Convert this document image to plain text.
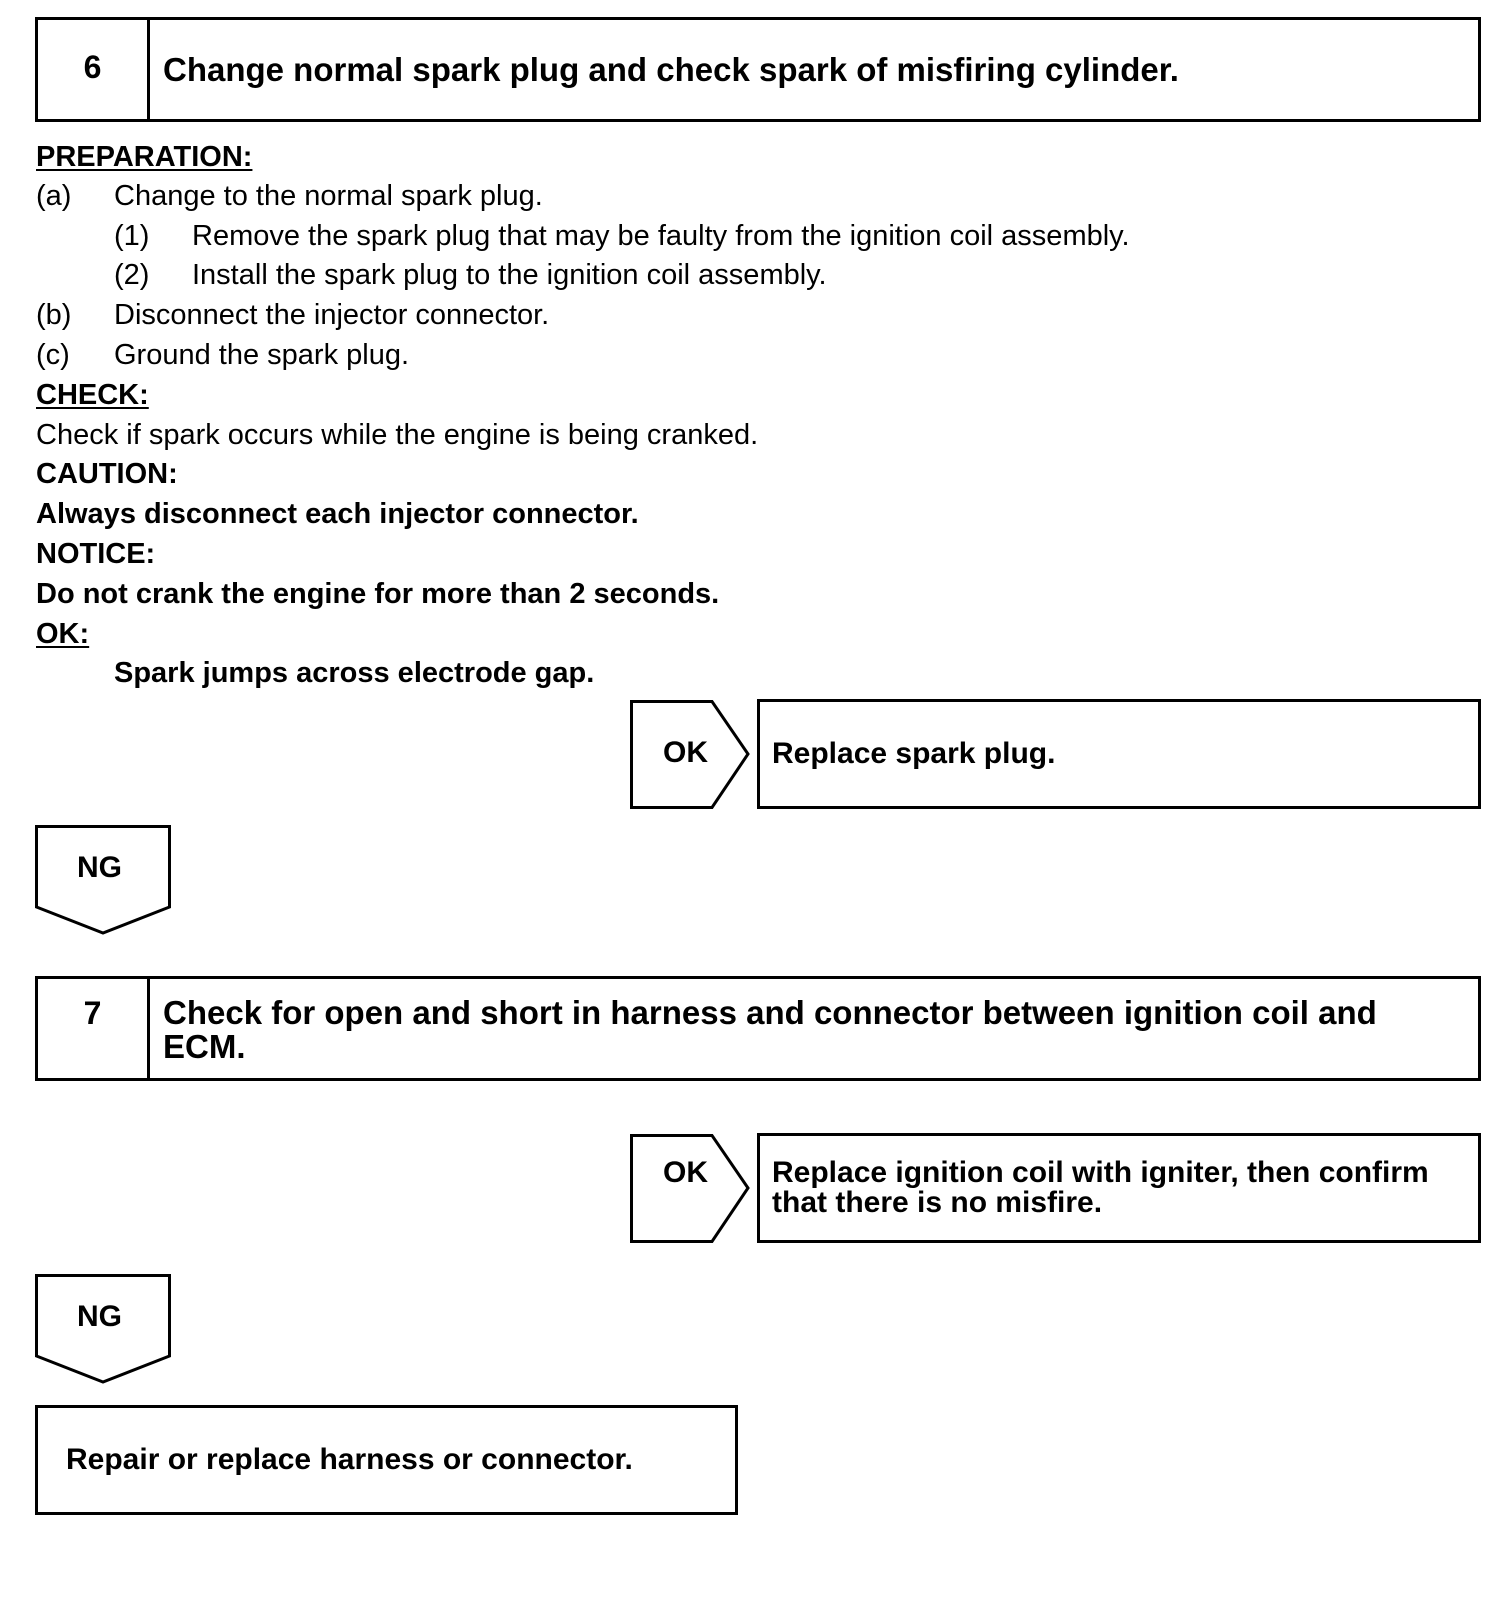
6	Change normal spark plug and check spark of misfiring cylinder.
PREPARATION:
(a) Change to the normal spark plug.
(1) Remove the spark plug that may be faulty from the ignition coil assembly.
(2) Install the spark plug to the ignition coil assembly.
(b) Disconnect the injector connector.
(c) Ground the spark plug.
CHECK:
Check if spark occurs while the engine is being cranked.
CAUTION:
Always disconnect each injector connector.
NOTICE:
Do not crank the engine for more than 2 seconds.
OK:
Spark jumps across electrode gap.
OK Replace spark plug.
NG
7	Check for open and short in harness and connector between ignition coil and
ECM.
OK Replace ignition coil with igniter, then confirm
that there is no misfire.
NG
Repair or replace harness or connector.
